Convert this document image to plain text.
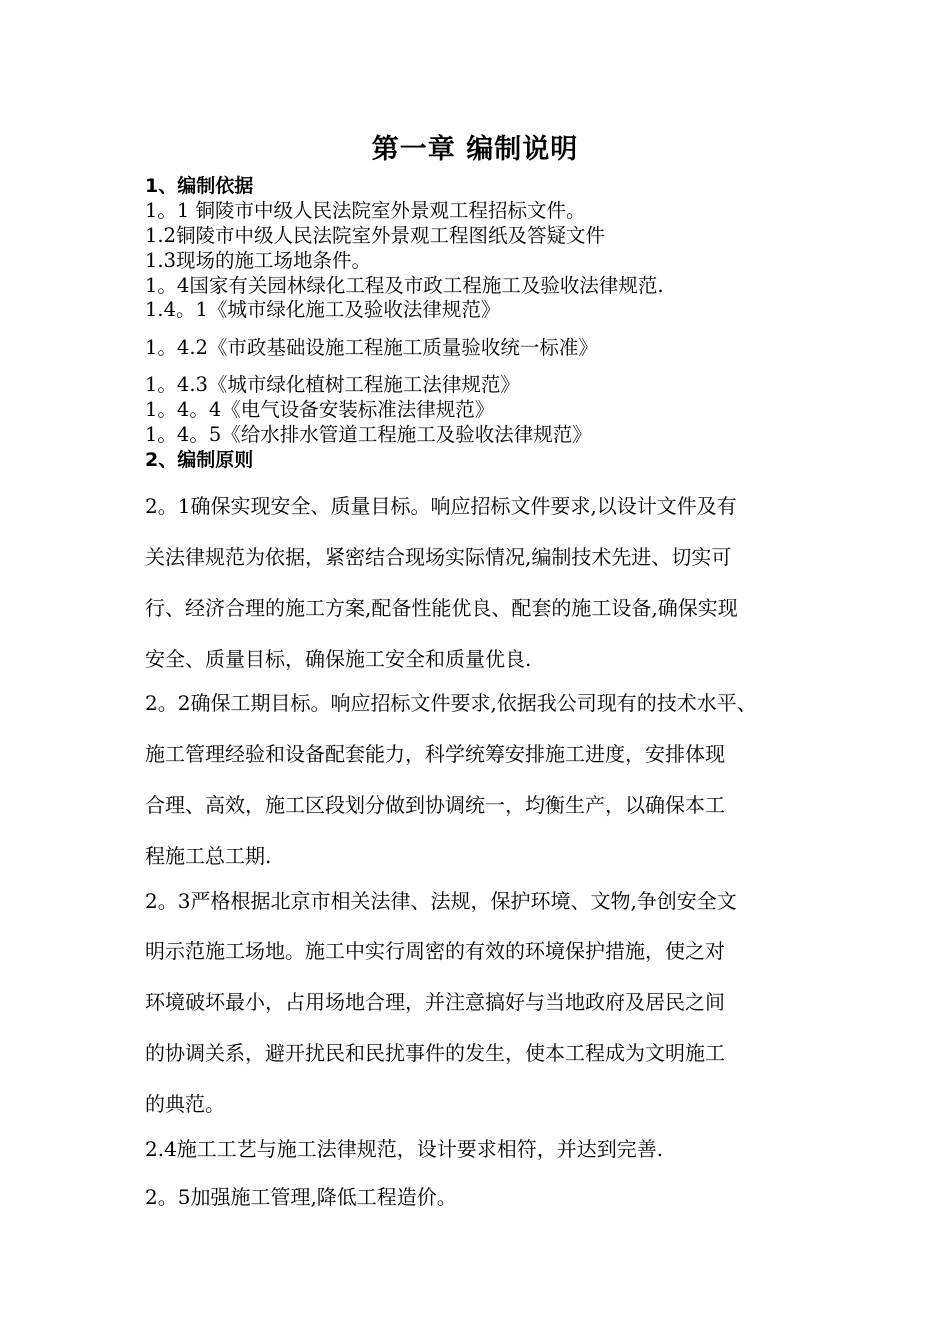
第一章 编制说明
1、编制依据
1。1 铜陵市中级人民法院室外景观工程招标文件。
1.2铜陵市中级人民法院室外景观工程图纸及答疑文件
1.3现场的施工场地条件。
1。4国家有关园林绿化工程及市政工程施工及验收法律规范.
1.4。1《城市绿化施工及验收法律规范》
1。4.2《市政基础设施工程施工质量验收统一标准》
1。4.3《城市绿化植树工程施工法律规范》
1。4。4《电气设备安装标准法律规范》
1。4。5《给水排水管道工程施工及验收法律规范》
2、编制原则
2。1确保实现安全、质量目标。响应招标文件要求,以设计文件及有
关法律规范为依据，紧密结合现场实际情况,编制技术先进、切实可
行、经济合理的施工方案,配备性能优良、配套的施工设备,确保实现
安全、质量目标，确保施工安全和质量优良.
2。2确保工期目标。响应招标文件要求,依据我公司现有的技术水平、
施工管理经验和设备配套能力，科学统筹安排施工进度，安排体现
合理、高效，施工区段划分做到协调统一，均衡生产，以确保本工
程施工总工期.
2。3严格根据北京市相关法律、法规，保护环境、文物,争创安全文
明示范施工场地。施工中实行周密的有效的环境保护措施，使之对
环境破坏最小，占用场地合理，并注意搞好与当地政府及居民之间
的协调关系，避开扰民和民扰事件的发生，使本工程成为文明施工
的典范。
2.4施工工艺与施工法律规范，设计要求相符，并达到完善.
2。5加强施工管理,降低工程造价。
